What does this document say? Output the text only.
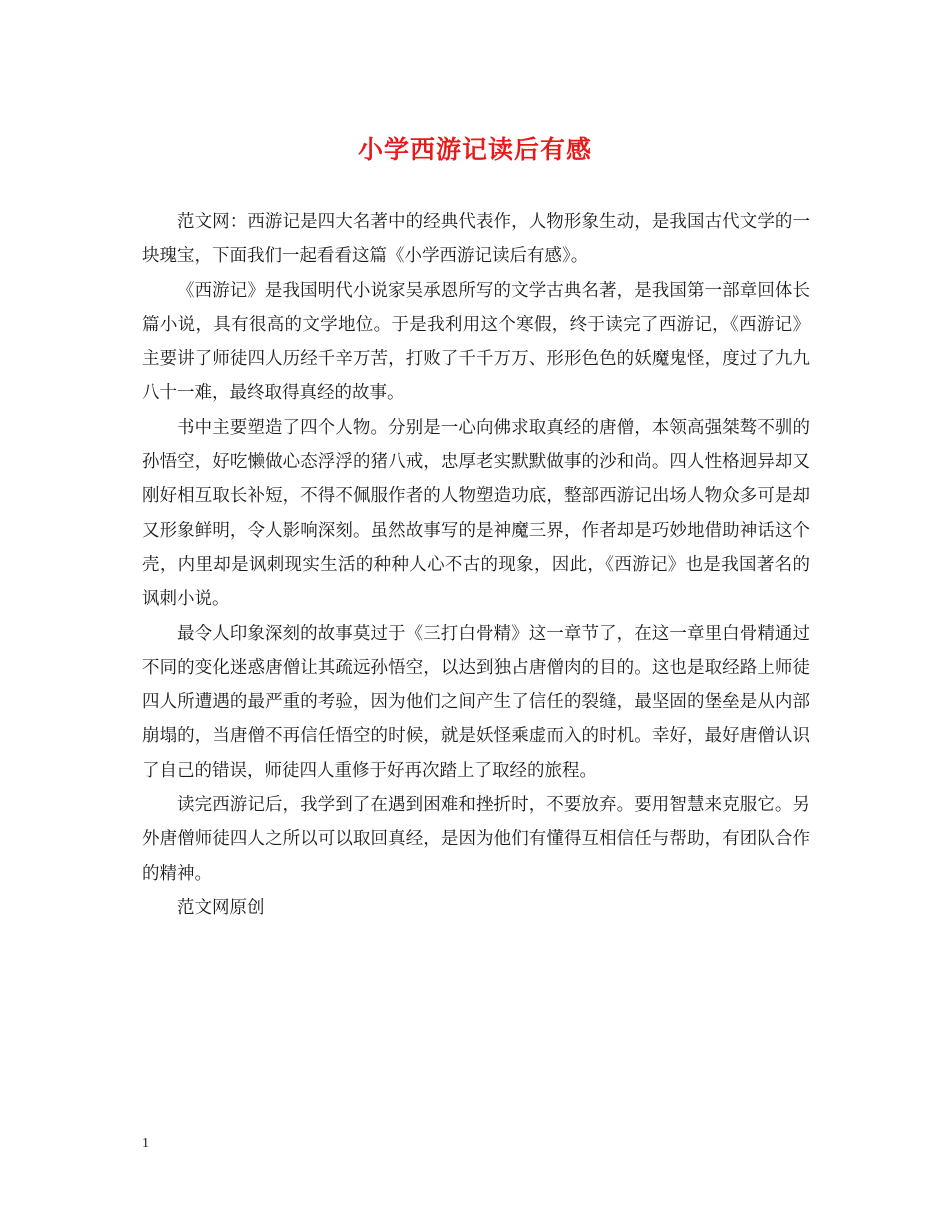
小学西游记读后有感

范文网：西游记是四大名著中的经典代表作，人物形象生动，是我国古代文学的一块瑰宝，下面我们一起看看这篇《小学西游记读后有感》。

《西游记》是我国明代小说家吴承恩所写的文学古典名著，是我国第一部章回体长篇小说，具有很高的文学地位。于是我利用这个寒假，终于读完了西游记，《西游记》主要讲了师徒四人历经千辛万苦，打败了千千万万、形形色色的妖魔鬼怪，度过了九九八十一难，最终取得真经的故事。

书中主要塑造了四个人物。分别是一心向佛求取真经的唐僧，本领高强桀骜不驯的孙悟空，好吃懒做心态浮浮的猪八戒，忠厚老实默默做事的沙和尚。四人性格迥异却又刚好相互取长补短，不得不佩服作者的人物塑造功底，整部西游记出场人物众多可是却又形象鲜明，令人影响深刻。虽然故事写的是神魔三界，作者却是巧妙地借助神话这个壳，内里却是讽刺现实生活的种种人心不古的现象，因此，《西游记》也是我国著名的讽刺小说。

最令人印象深刻的故事莫过于《三打白骨精》这一章节了，在这一章里白骨精通过不同的变化迷惑唐僧让其疏远孙悟空，以达到独占唐僧肉的目的。这也是取经路上师徒四人所遭遇的最严重的考验，因为他们之间产生了信任的裂缝，最坚固的堡垒是从内部崩塌的，当唐僧不再信任悟空的时候，就是妖怪乘虚而入的时机。幸好，最好唐僧认识了自己的错误，师徒四人重修于好再次踏上了取经的旅程。

读完西游记后，我学到了在遇到困难和挫折时，不要放弃。要用智慧来克服它。另外唐僧师徒四人之所以可以取回真经，是因为他们有懂得互相信任与帮助，有团队合作的精神。

范文网原创

1
